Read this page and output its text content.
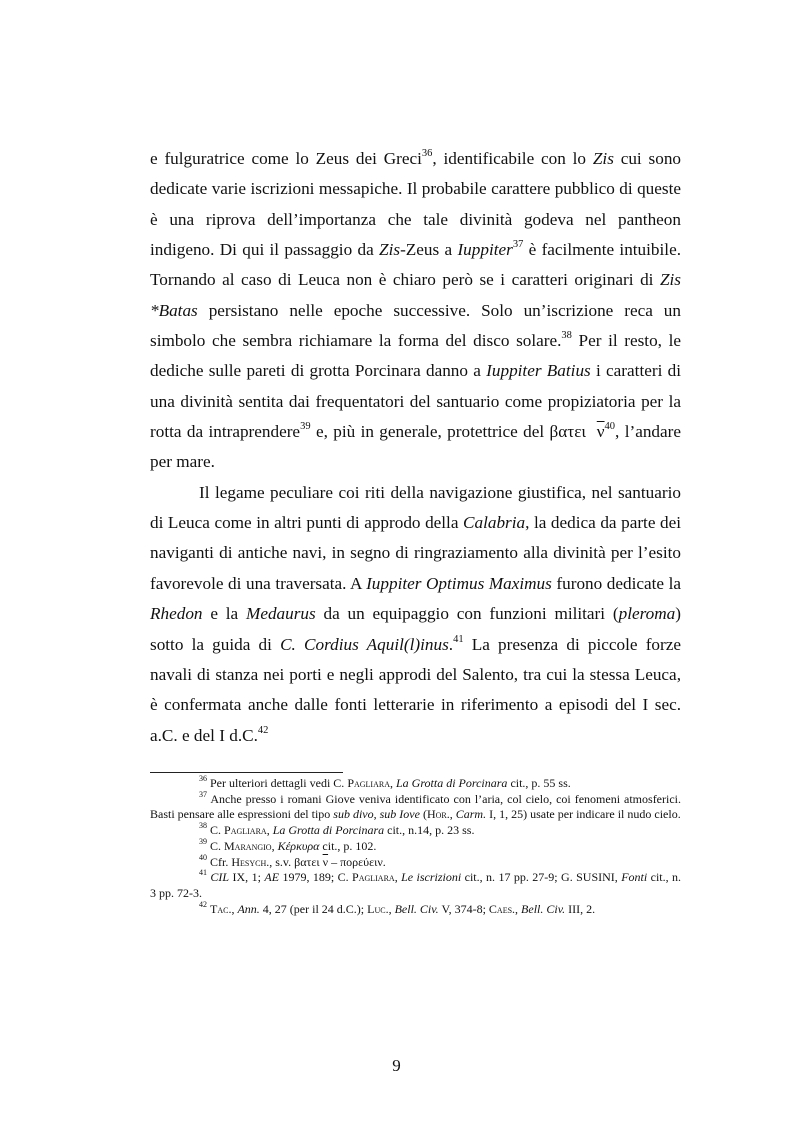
e fulguratrice come lo Zeus dei Greci$^{36}$, identificabile con lo Zis cui sono dedicate varie iscrizioni messapiche. Il probabile carattere pubblico di queste è una riprova dell’importanza che tale divinità godeva nel pantheon indigeno. Di qui il passaggio da Zis-Zeus a Iuppiter$^{37}$ è facilmente intuibile. Tornando al caso di Leuca non è chiaro però se i caratteri originari di Zis *Batas persistano nelle epoche successive. Solo un’iscrizione reca un simbolo che sembra richiamare la forma del disco solare.$^{38}$ Per il resto, le dediche sulle pareti di grotta Porcinara danno a Iuppiter Batius i caratteri di una divinità sentita dai frequentatori del santuario come propiziatoria per la rotta da intraprendere$^{39}$ e, più in generale, protettrice del βατει $\overline{\nu}^{40}$, l’andare per mare.

Il legame peculiare coi riti della navigazione giustifica, nel santuario di Leuca come in altri punti di approdo della Calabria, la dedica da parte dei naviganti di antiche navi, in segno di ringraziamento alla divinità per l’esito favorevole di una traversata. A Iuppiter Optimus Maximus furono dedicate la Rhedon e la Medaurus da un equipaggio con funzioni militari (pleroma) sotto la guida di C. Cordius Aquil(l)inus.$^{41}$ La presenza di piccole forze navali di stanza nei porti e negli approdi del Salento, tra cui la stessa Leuca, è confermata anche dalle fonti letterarie in riferimento a episodi del I sec. a.C. e del I d.C.$^{42}$

$^{36}$ Per ulteriori dettagli vedi C. Pagliara, La Grotta di Porcinara cit., p. 55 ss.

$^{37}$ Anche presso i romani Giove veniva identificato con l’aria, col cielo, coi fenomeni atmosferici. Basti pensare alle espressioni del tipo sub divo, sub Iove (Hor., Carm. I, 1, 25) usate per indicare il nudo cielo.

$^{38}$ C. Pagliara, La Grotta di Porcinara cit., n.14, p. 23 ss.

$^{39}$ C. Marangio, Κέρκυρα cit., p. 102.

$^{40}$ Cfr. Hesych., s.v. βατει $\overline{\nu}$ – πορεύειν.

$^{41}$ CIL IX, 1; AE 1979, 189; C. Pagliara, Le iscrizioni cit., n. 17 pp. 27-9; G. SUSINI, Fonti cit., n. 3 pp. 72-3.

$^{42}$ Tac., Ann. 4, 27 (per il 24 d.C.); Luc., Bell. Civ. V, 374-8; Caes., Bell. Civ. III, 2.

9
